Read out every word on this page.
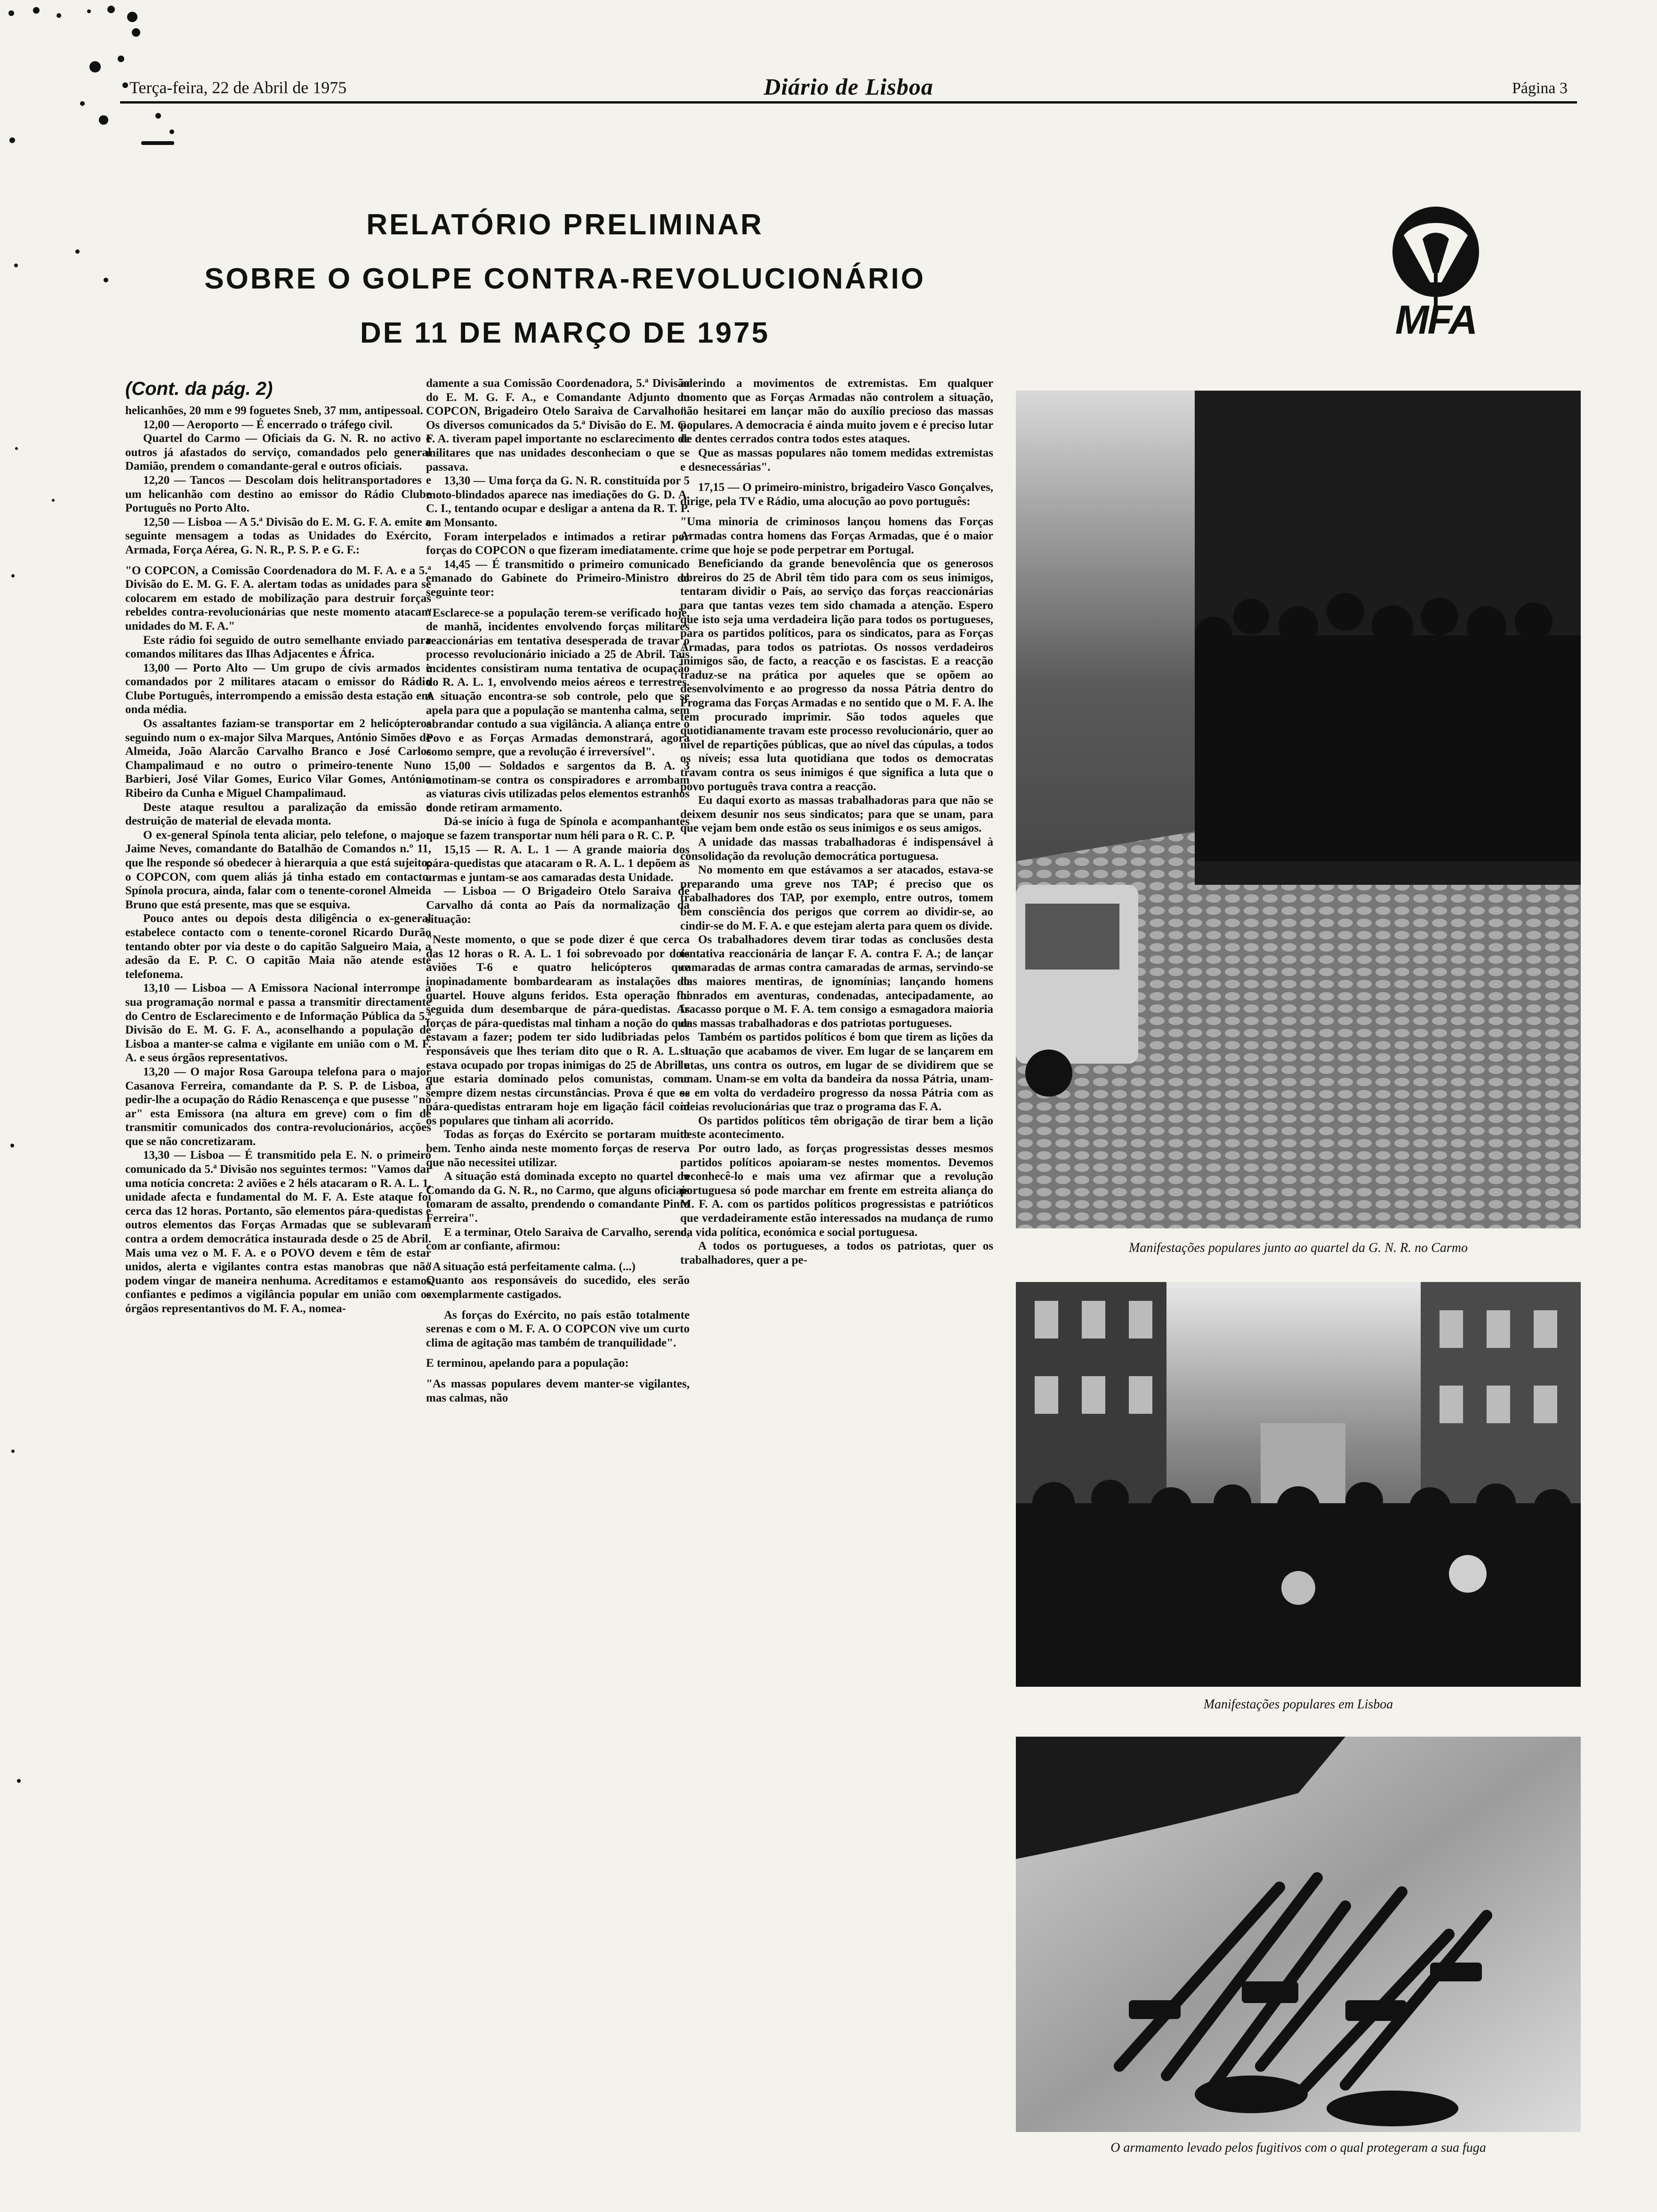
Terça-feira, 22 de Abril de 1975	Diário de Lisboa	Página 3
RELATÓRIO PRELIMINAR
SOBRE O GOLPE CONTRA-REVOLUCIONÁRIO
DE 11 DE MARÇO DE 1975	MFA

(Cont. da pág. 2)

helicanhões, 20 mm e 99 foguetes Sneb, 37 mm, antipessoal.

12,00 — Aeroporto — É encerrado o tráfego civil.

Quartel do Carmo — Oficiais da G. N. R. no activo e outros já afastados do serviço, comandados pelo general Damião, prendem o comandante-geral e outros oficiais.

12,20 — Tancos — Descolam dois helitransportadores e um helicanhão com destino ao emissor do Rádio Clube Português no Porto Alto.

12,50 — Lisboa — A 5.ª Divisão do E. M. G. F. A. emite a seguinte mensagem a todas as Unidades do Exército, Armada, Força Aérea, G. N. R., P. S. P. e G. F.:

"O COPCON, a Comissão Coordenadora do M. F. A. e a 5.ª Divisão do E. M. G. F. A. alertam todas as unidades para se colocarem em estado de mobilização para destruir forças rebeldes contra-revolucionárias que neste momento atacam unidades do M. F. A."

Este rádio foi seguido de outro semelhante enviado para comandos militares das Ilhas Adjacentes e África.

13,00 — Porto Alto — Um grupo de civis armados e comandados por 2 militares atacam o emissor do Rádio Clube Português, interrompendo a emissão desta estação em onda média.

Os assaltantes faziam-se transportar em 2 helicópteros seguindo num o ex-major Silva Marques, António Simões de Almeida, João Alarcão Carvalho Branco e José Carlos Champalimaud e no outro o primeiro-tenente Nuno Barbieri, José Vilar Gomes, Eurico Vilar Gomes, António Ribeiro da Cunha e Miguel Champalimaud.

Deste ataque resultou a paralização da emissão e destruição de material de elevada monta.

O ex-general Spínola tenta aliciar, pelo telefone, o major Jaime Neves, comandante do Batalhão de Comandos n.º 11, que lhe responde só obedecer à hierarquia a que está sujeito: o COPCON, com quem aliás já tinha estado em contacto. Spínola procura, ainda, falar com o tenente-coronel Almeida Bruno que está presente, mas que se esquiva.

Pouco antes ou depois desta diligência o ex-general estabelece contacto com o tenente-coronel Ricardo Durão tentando obter por via deste o do capitão Salgueiro Maia, a adesão da E. P. C. O capitão Maia não atende este telefonema.

13,10 — Lisboa — A Emissora Nacional interrompe a sua programação normal e passa a transmitir directamente do Centro de Esclarecimento e de Informação Pública da 5.ª Divisão do E. M. G. F. A., aconselhando a população de Lisboa a manter-se calma e vigilante em união com o M. F. A. e seus órgãos representativos.

13,20 — O major Rosa Garoupa telefona para o major Casanova Ferreira, comandante da P. S. P. de Lisboa, a pedir-lhe a ocupação do Rádio Renascença e que pusesse "no ar" esta Emissora (na altura em greve) com o fim de transmitir comunicados dos contra-revolucionários, acções que se não concretizaram.

13,30 — Lisboa — É transmitido pela E. N. o primeiro comunicado da 5.ª Divisão nos seguintes termos: "Vamos dar uma notícia concreta: 2 aviões e 2 héls atacaram o R. A. L. 1, unidade afecta e fundamental do M. F. A. Este ataque foi cerca das 12 horas. Portanto, são elementos pára-quedistas e outros elementos das Forças Armadas que se sublevaram contra a ordem democrática instaurada desde o 25 de Abril. Mais uma vez o M. F. A. e o POVO devem e têm de estar unidos, alerta e vigilantes contra estas manobras que não podem vingar de maneira nenhuma. Acreditamos e estamos confiantes e pedimos a vigilância popular em união com os órgãos representantivos do M. F. A., nomea-

damente a sua Comissão Coordenadora, 5.ª Divisão do E. M. G. F. A., e Comandante Adjunto do COPCON, Brigadeiro Otelo Saraiva de Carvalho". Os diversos comunicados da 5.ª Divisão do E. M. G. F. A. tiveram papel importante no esclarecimento de militares que nas unidades desconheciam o que se passava.

13,30 — Uma força da G. N. R. constituída por 5 moto-blindados aparece nas imediações do G. D. A. C. I., tentando ocupar e desligar a antena da R. T. P. em Monsanto.

Foram interpelados e intimados a retirar por forças do COPCON o que fizeram imediatamente.

14,45 — É transmitido o primeiro comunicado emanado do Gabinete do Primeiro-Ministro do seguinte teor:

"Esclarece-se a população terem-se verificado hoje, de manhã, incidentes envolvendo forças militares reaccionárias em tentativa desesperada de travar o processo revolucionário iniciado a 25 de Abril. Tais incidentes consistiram numa tentativa de ocupação do R. A. L. 1, envolvendo meios aéreos e terrestres. A situação encontra-se sob controle, pelo que se apela para que a população se mantenha calma, sem abrandar contudo a sua vigilância. A aliança entre o Povo e as Forças Armadas demonstrará, agora como sempre, que a revolução é irreversível".

15,00 — Soldados e sargentos da B. A. 3 amotinam-se contra os conspiradores e arrombam as viaturas civis utilizadas pelos elementos estranhos donde retiram armamento.

Dá-se início à fuga de Spínola e acompanhantes que se fazem transportar num héli para o R. C. P.

15,15 — R. A. L. 1 — A grande maioria dos pára-quedistas que atacaram o R. A. L. 1 depõem as armas e juntam-se aos camaradas desta Unidade.

— Lisboa — O Brigadeiro Otelo Saraiva de Carvalho dá conta ao País da normalização da situação:

"Neste momento, o que se pode dizer é que cerca das 12 horas o R. A. L. 1 foi sobrevoado por dois aviões T-6 e quatro helicópteros que inopinadamente bombardearam as instalações do quartel. Houve alguns feridos. Esta operação foi seguida dum desembarque de pára-quedistas. As forças de pára-quedistas mal tinham a noção do que estavam a fazer; podem ter sido ludibriadas pelos responsáveis que lhes teriam dito que o R. A. L. 1 estava ocupado por tropas inimigas do 25 de Abril e que estaria dominado pelos comunistas, como sempre dizem nestas circunstâncias. Prova é que os pára-quedistas entraram hoje em ligação fácil com os populares que tinham ali acorrido.

Todas as forças do Exército se portaram muito bem. Tenho ainda neste momento forças de reserva que não necessitei utilizar.

A situação está dominada excepto no quartel do Comando da G. N. R., no Carmo, que alguns oficiais tomaram de assalto, prendendo o comandante Pinto Ferreira".

E a terminar, Otelo Saraiva de Carvalho, sereno, com ar confiante, afirmou:

"A situação está perfeitamente calma. (...)

Quanto aos responsáveis do sucedido, eles serão exemplarmente castigados.

As forças do Exército, no país estão totalmente serenas e com o M. F. A. O COPCON vive um curto clima de agitação mas também de tranquilidade".

E terminou, apelando para a população:

"As massas populares devem manter-se vigilantes, mas calmas, não

aderindo a movimentos de extremistas. Em qualquer momento que as Forças Armadas não controlem a situação, não hesitarei em lançar mão do auxílio precioso das massas populares. A democracia é ainda muito jovem e é preciso lutar de dentes cerrados contra todos estes ataques.

Que as massas populares não tomem medidas extremistas e desnecessárias".

17,15 — O primeiro-ministro, brigadeiro Vasco Gonçalves, dirige, pela TV e Rádio, uma alocução ao povo português:

"Uma minoria de criminosos lançou homens das Forças Armadas contra homens das Forças Armadas, que é o maior crime que hoje se pode perpetrar em Portugal.

Beneficiando da grande benevolência que os generosos obreiros do 25 de Abril têm tido para com os seus inimigos, tentaram dividir o País, ao serviço das forças reaccionárias para que tantas vezes tem sido chamada a atenção. Espero que isto seja uma verdadeira lição para todos os portugueses, para os partidos políticos, para os sindicatos, para as Forças Armadas, para todos os patriotas. Os nossos verdadeiros inimigos são, de facto, a reacção e os fascistas. E a reacção traduz-se na prática por aqueles que se opõem ao desenvolvimento e ao progresso da nossa Pátria dentro do Programa das Forças Armadas e no sentido que o M. F. A. lhe tem procurado imprimir. São todos aqueles que quotidianamente travam este processo revolucionário, quer ao nível de repartições públicas, que ao nível das cúpulas, a todos os níveis; essa luta quotidiana que todos os democratas travam contra os seus inimigos é que significa a luta que o povo português trava contra a reacção.

Eu daqui exorto as massas trabalhadoras para que não se deixem desunir nos seus sindicatos; para que se unam, para que vejam bem onde estão os seus inimigos e os seus amigos.

A unidade das massas trabalhadoras é indispensável à consolidação da revolução democrática portuguesa.

No momento em que estávamos a ser atacados, estava-se preparando uma greve nos TAP; é preciso que os trabalhadores dos TAP, por exemplo, entre outros, tomem bem consciência dos perigos que correm ao dividir-se, ao cindir-se do M. F. A. e que estejam alerta para quem os divide.

Os trabalhadores devem tirar todas as conclusões desta tentativa reaccionária de lançar F. A. contra F. A.; de lançar camaradas de armas contra camaradas de armas, servindo-se das maiores mentiras, de ignomínias; lançando homens honrados em aventuras, condenadas, antecipadamente, ao fracasso porque o M. F. A. tem consigo a esmagadora maioria das massas trabalhadoras e dos patriotas portugueses.

Também os partidos políticos é bom que tirem as lições da situação que acabamos de viver. Em lugar de se lançarem em lutas, uns contra os outros, em lugar de se dividirem que se unam. Unam-se em volta da bandeira da nossa Pátria, unam-se em volta do verdadeiro progresso da nossa Pátria com as ideias revolucionárias que traz o programa das F. A.

Os partidos políticos têm obrigação de tirar bem a lição deste acontecimento.

Por outro lado, as forças progressistas desses mesmos partidos políticos apoiaram-se nestes momentos. Devemos reconhecê-lo e mais uma vez afirmar que a revolução portuguesa só pode marchar em frente em estreita aliança do M. F. A. com os partidos políticos progressistas e patrióticos que verdadeiramente estão interessados na mudança de rumo da vida política, económica e social portuguesa.

A todos os portugueses, a todos os patriotas, quer os trabalhadores, quer a pe-

Manifestações populares junto ao quartel da G. N. R. no Carmo
Manifestações populares em Lisboa
O armamento levado pelos fugitivos com o qual protegeram a sua fuga
